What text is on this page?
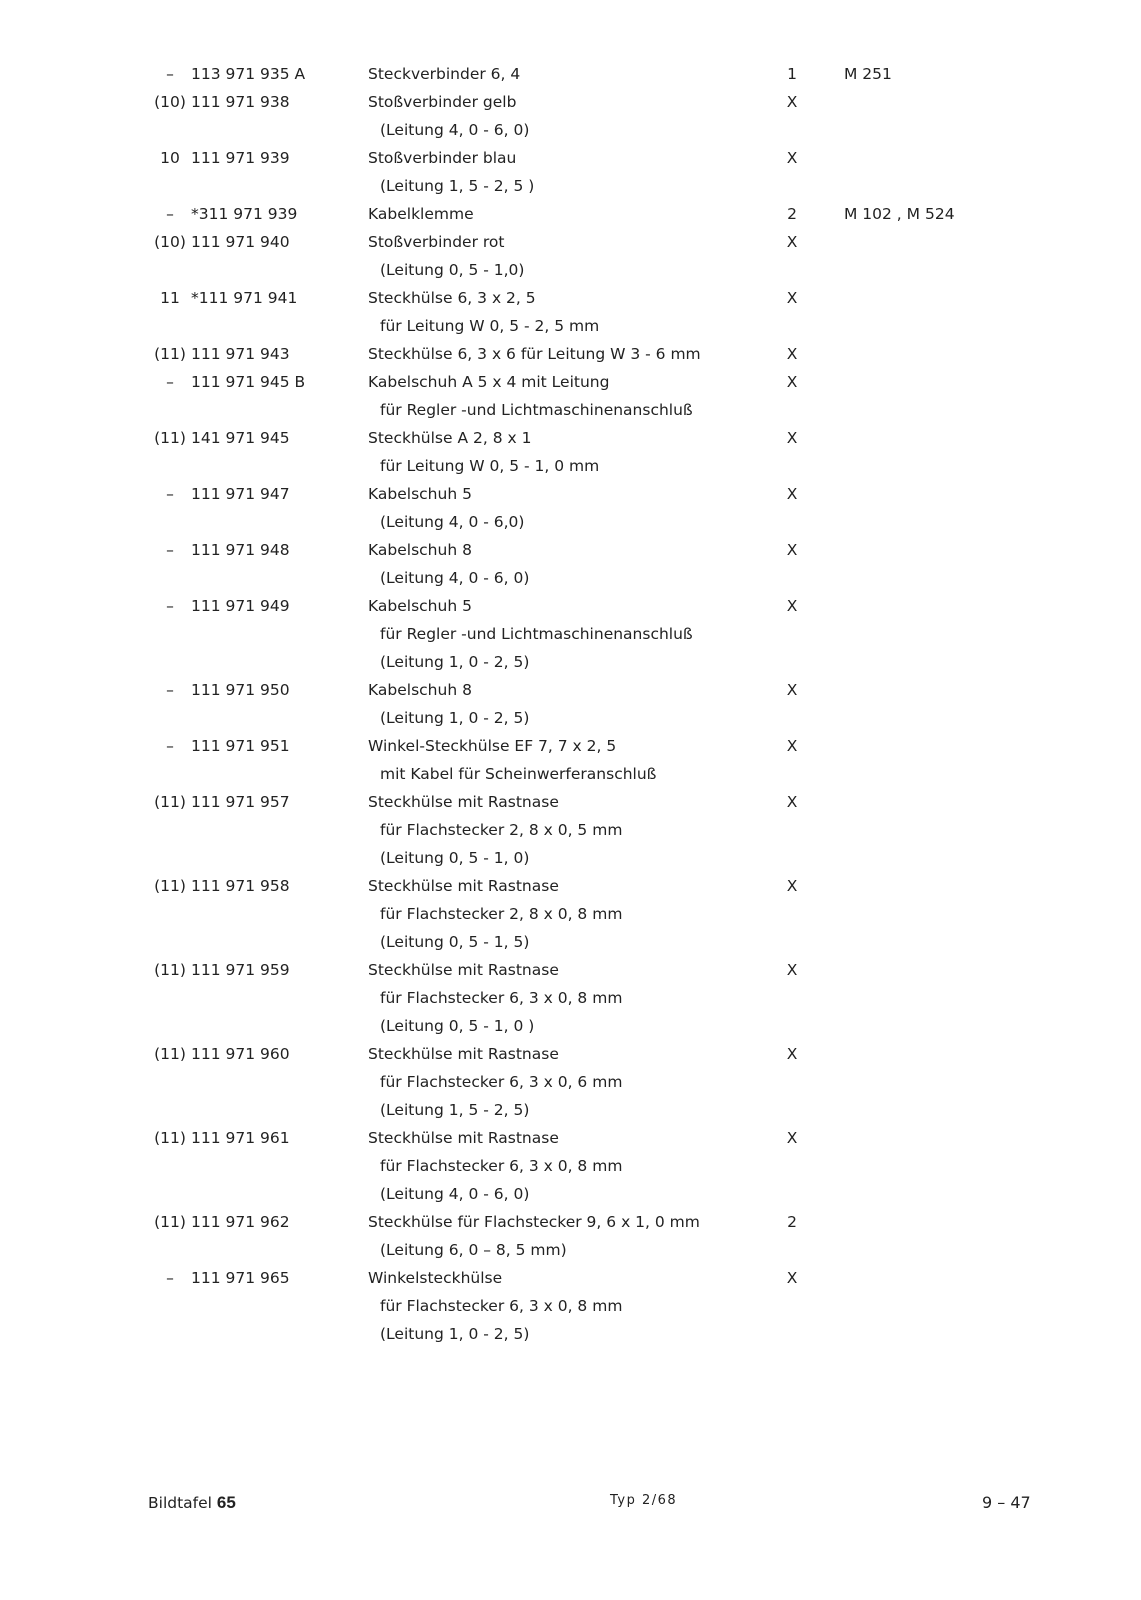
–	113 971 935 A	Steckverbinder 6, 4	1	M 251
(10) 111 971 938	Stoßverbinder gelb	X
(Leitung 4, 0 - 6, 0)
10 111 971 939	Stoßverbinder blau	X
(Leitung 1, 5 - 2, 5 )
–	*311 971 939	Kabelklemme	2	M 102 , M 524
(10) 111 971 940	Stoßverbinder rot	X
(Leitung 0, 5 - 1,0)
11 *111 971 941	Steckhülse 6, 3 x 2, 5	X
für Leitung W 0, 5 - 2, 5 mm
(11) 111 971 943	Steckhülse 6, 3 x 6 für Leitung W 3 - 6 mm	X
–	111 971 945 B	Kabelschuh A 5 x 4 mit Leitung	X
für Regler -und Lichtmaschinenanschluß
(11) 141 971 945	Steckhülse A 2, 8 x 1	X
für Leitung W 0, 5 - 1, 0 mm
–	111 971 947	Kabelschuh 5	X
(Leitung 4, 0 - 6,0)
–	111 971 948	Kabelschuh 8	X
(Leitung 4, 0 - 6, 0)
–	111 971 949	Kabelschuh 5	X
für Regler -und Lichtmaschinenanschluß
(Leitung 1, 0 - 2, 5)
–	111 971 950	Kabelschuh 8	X
(Leitung 1, 0 - 2, 5)
–	111 971 951	Winkel-Steckhülse EF 7, 7 x 2, 5	X
mit Kabel für Scheinwerferanschluß
(11) 111 971 957	Steckhülse mit Rastnase	X
für Flachstecker 2, 8 x 0, 5 mm
(Leitung 0, 5 - 1, 0)
(11) 111 971 958	Steckhülse mit Rastnase	X
für Flachstecker 2, 8 x 0, 8 mm
(Leitung 0, 5 - 1, 5)
(11) 111 971 959	Steckhülse mit Rastnase	X
für Flachstecker 6, 3 x 0, 8 mm
(Leitung 0, 5 - 1, 0 )
(11) 111 971 960	Steckhülse mit Rastnase	X
für Flachstecker 6, 3 x 0, 6 mm
(Leitung 1, 5 - 2, 5)
(11) 111 971 961	Steckhülse mit Rastnase	X
für Flachstecker 6, 3 x 0, 8 mm
(Leitung 4, 0 - 6, 0)
(11) 111 971 962	Steckhülse für Flachstecker 9, 6 x 1, 0 mm	2
(Leitung 6, 0 – 8, 5 mm)
–	111 971 965	Winkelsteckhülse	X
für Flachstecker 6, 3 x 0, 8 mm
(Leitung 1, 0 - 2, 5)
Bildtafel 65	Typ 2/68	9 – 47
